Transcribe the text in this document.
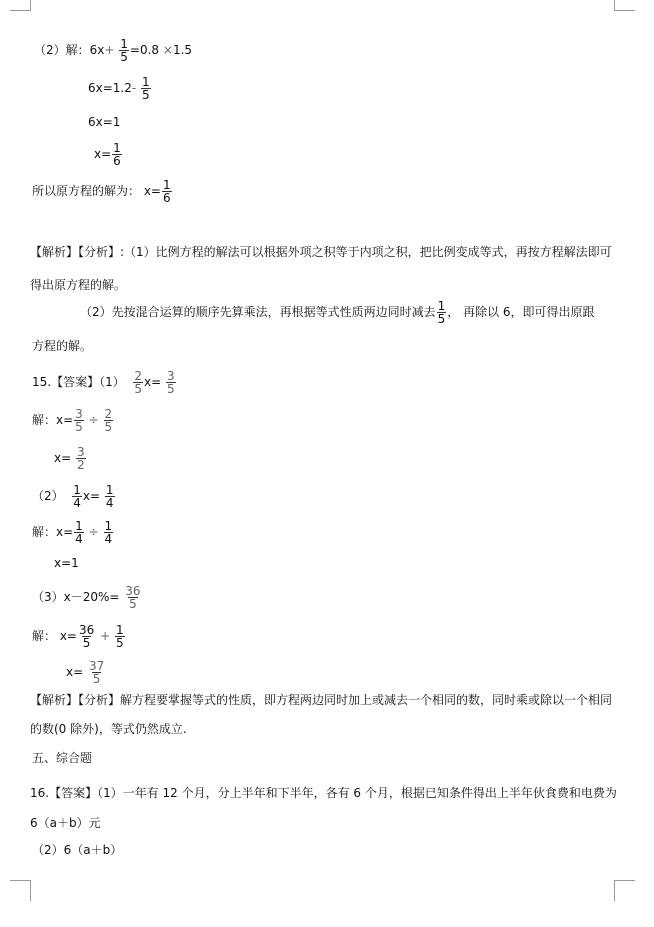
（2）解：$6x+ \frac{1}{5} =0.8 \times 1.5$
$6x=1.2- \frac{1}{5}$
6x=1
$x= \frac{1}{6}$
所以原方程的解为： $x= \frac{1}{6}$
【解析】【分析】:（1）比例方程的解法可以根据外项之积等于内项之积，把比例变成等式，再按方程解法即可得出原方程的解。
（2）先按混合运算的顺序先算乘法，再根据等式性质两边同时减去 $\frac{1}{5}$ ， 再除以 6，即可得出原跟
方程的解。
15.【答案】$(1) \frac{2}{5} x= \frac{3}{5}$
解：$x= \frac{3}{5} \div \frac{2}{5}$
$x= \frac{3}{2}$
$(2) \frac{1}{4} x= \frac{1}{4}$
解：$x= \frac{1}{4} \div \frac{1}{4}$
x=1
$(3)x-20\%= \frac{36}{5}$
解： $x= \frac{36}{5} + \frac{1}{5}$
$x= \frac{37}{5}$
【解析】【分析】解方程要掌握等式的性质，即方程两边同时加上或减去一个相同的数，同时乘或除以一个相同的数(0 除外)，等式仍然成立.
五、综合题
16.【答案】（1）一年有 12 个月，分上半年和下半年，各有 6 个月，根据已知条件得出上半年伙食费和电费为 6（a＋b）元
（2）6（a＋b）
